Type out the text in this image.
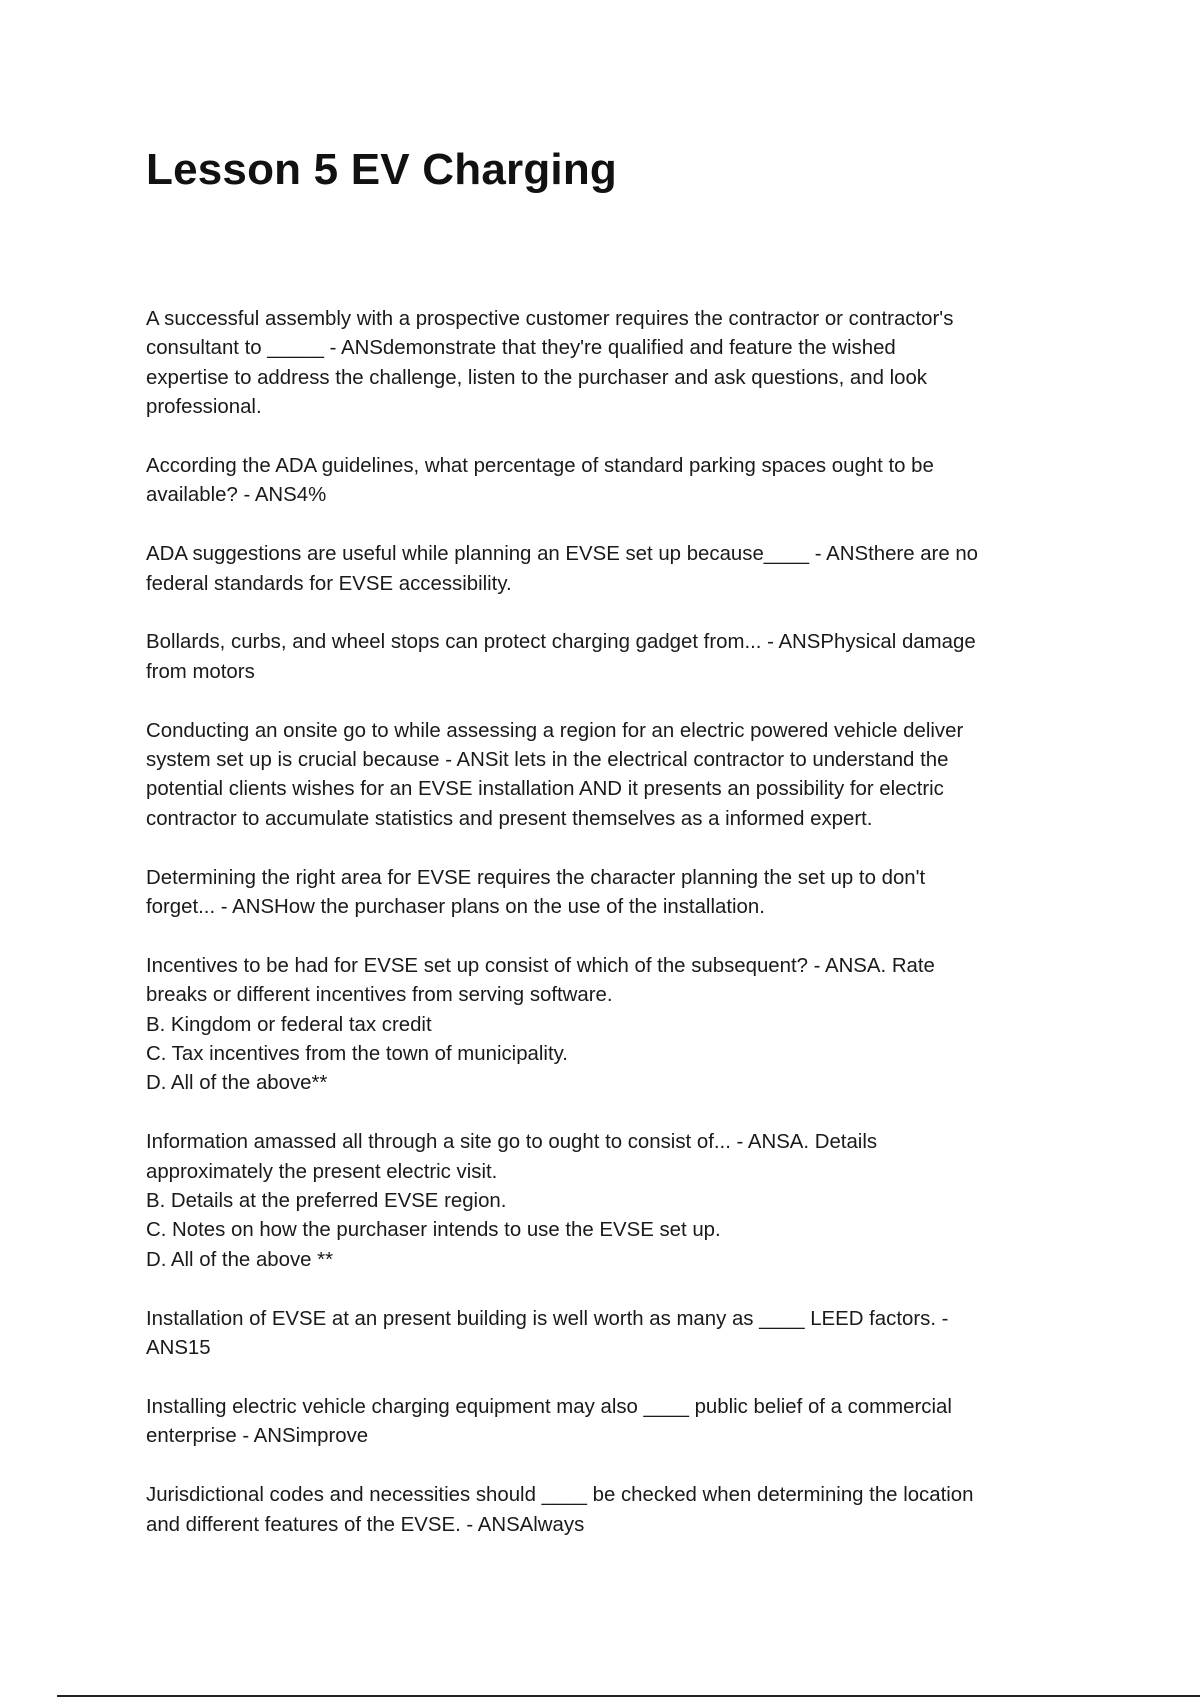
Lesson 5 EV Charging

A successful assembly with a prospective customer requires the contractor or contractor's
consultant to _____ - ANSdemonstrate that they're qualified and feature the wished
expertise to address the challenge, listen to the purchaser and ask questions, and look
professional.

According the ADA guidelines, what percentage of standard parking spaces ought to be
available? - ANS4%

ADA suggestions are useful while planning an EVSE set up because____ - ANSthere are no
federal standards for EVSE accessibility.

Bollards, curbs, and wheel stops can protect charging gadget from... - ANSPhysical damage
from motors

Conducting an onsite go to while assessing a region for an electric powered vehicle deliver
system set up is crucial because - ANSit lets in the electrical contractor to understand the
potential clients wishes for an EVSE installation AND it presents an possibility for electric
contractor to accumulate statistics and present themselves as a informed expert.

Determining the right area for EVSE requires the character planning the set up to don't
forget... - ANSHow the purchaser plans on the use of the installation.

Incentives to be had for EVSE set up consist of which of the subsequent? - ANSA. Rate
breaks or different incentives from serving software.
B. Kingdom or federal tax credit
C. Tax incentives from the town of municipality.
D. All of the above**

Information amassed all through a site go to ought to consist of... - ANSA. Details
approximately the present electric visit.
B. Details at the preferred EVSE region.
C. Notes on how the purchaser intends to use the EVSE set up.
D. All of the above **

Installation of EVSE at an present building is well worth as many as ____ LEED factors. -
ANS15

Installing electric vehicle charging equipment may also ____ public belief of a commercial
enterprise - ANSimprove

Jurisdictional codes and necessities should ____ be checked when determining the location
and different features of the EVSE. - ANSAlways
